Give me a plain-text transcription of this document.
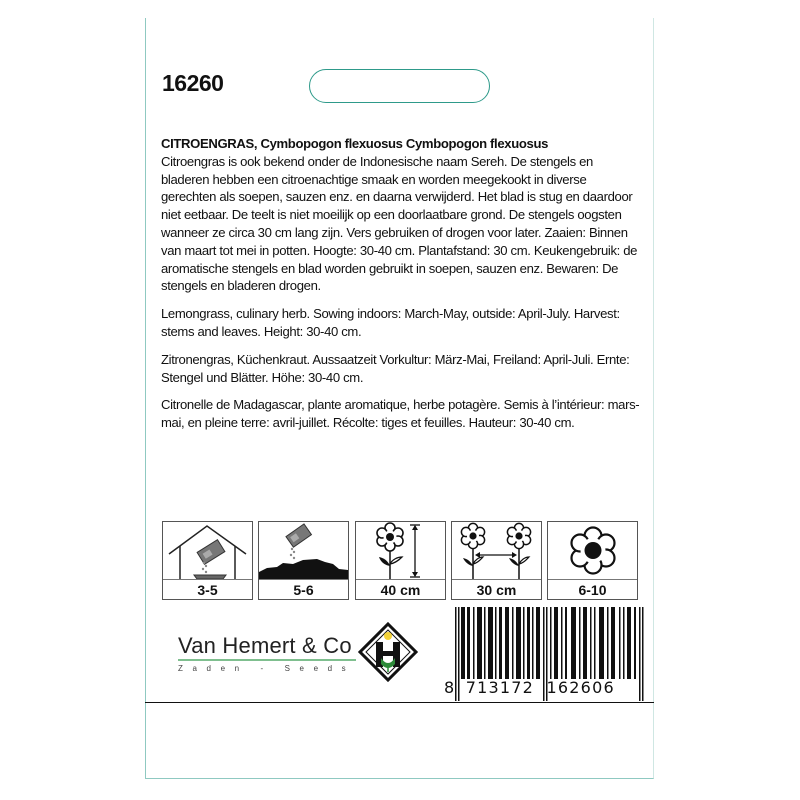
16260

CITROENGRAS, Cymbopogon flexuosus Cymbopogon flexuosus
Citroengras is ook bekend onder de Indonesische naam Sereh. De stengels en bladeren hebben een citroenachtige smaak en worden meegekookt in diverse gerechten als soepen, sauzen enz. en daarna verwijderd. Het blad is stug en daardoor niet eetbaar. De teelt is niet moeilijk op een doorlaatbare grond. De stengels oogsten wanneer ze circa 30 cm lang zijn. Vers gebruiken of drogen voor later. Zaaien: Binnen van maart tot mei in potten. Hoogte: 30-40 cm. Plantafstand: 30 cm. Keukengebruik: de aromatische stengels en blad worden gebruikt in soepen, sauzen enz. Bewaren: De stengels en bladeren drogen.

Lemongrass, culinary herb. Sowing indoors: March-May, outside: April-July. Harvest: stems and leaves. Height: 30-40 cm.

Zitronengras, Küchenkraut. Aussaatzeit Vorkultur: März-Mai, Freiland: April-Juli. Ernte: Stengel und Blätter. Höhe: 30-40 cm.

Citronelle de Madagascar, plante aromatique, herbe potagère. Semis à l’intérieur: mars-mai, en pleine terre: avril-juillet. Récolte: tiges et feuilles. Hauteur: 30-40 cm.

3-5	5-6	40 cm	30 cm	6-10
Van Hemert & Co
Zaden - Seeds
VH
8 713172 162606
